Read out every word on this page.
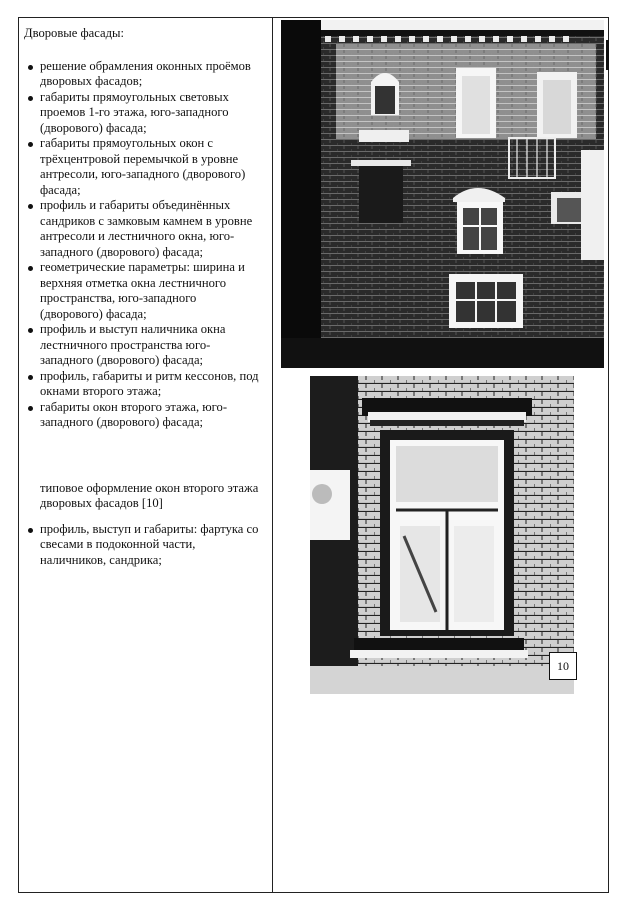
Дворовые фасады:

решение обрамления оконных проёмов дворовых фасадов;
габариты прямоугольных световых проемов 1-го этажа, юго-западного (дворового) фасада;
габариты прямоугольных окон с трёхцентровой перемычкой в уровне антресоли, юго-западного (дворового) фасада;
профиль и габариты объединённых сандриков с замковым камнем в уровне антресоли и лестничного окна, юго-западного (дворового) фасада;
геометрические параметры: ширина и верхняя отметка окна лестничного пространства, юго-западного (дворового) фасада;
профиль и выступ наличника окна лестничного пространства юго-западного (дворового) фасада;
профиль, габариты и ритм кессонов, под окнами второго этажа;
габариты окон второго этажа, юго-западного (дворового) фасада;

типовое оформление окон второго этажа дворовых фасадов [10]

профиль, выступ и габариты: фартука со свесами в подоконной части, наличников, сандрика;
10
